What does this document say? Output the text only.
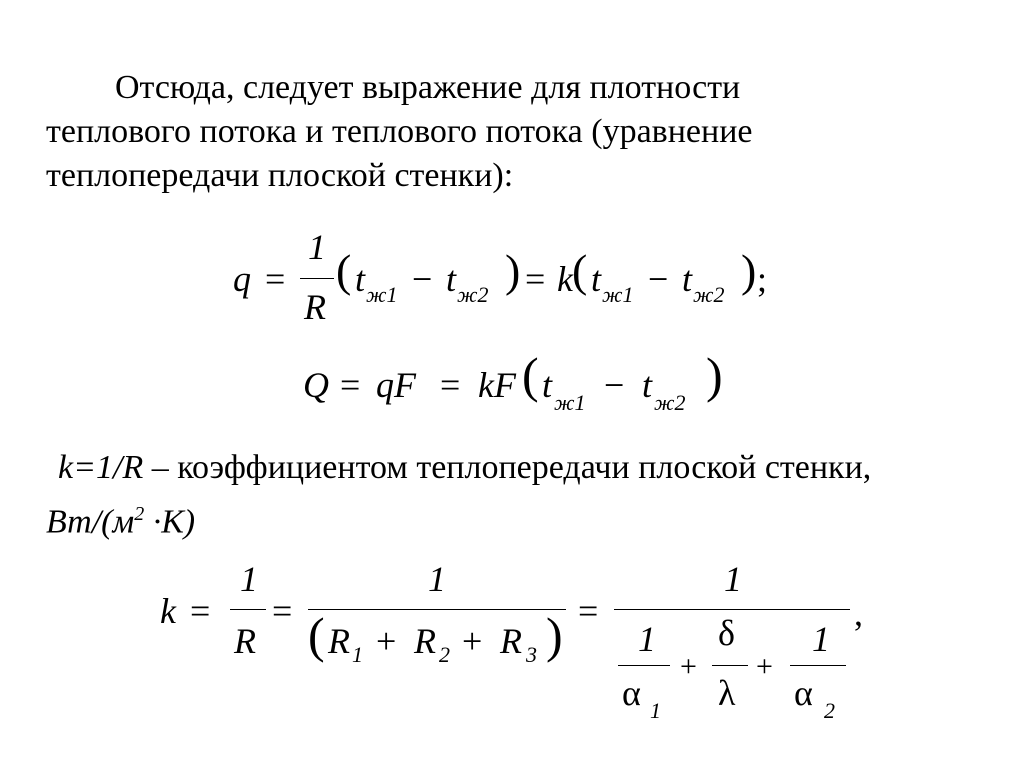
Отсюда, следует выражение для плотности
теплового потока и теплового потока (уравнение
теплопередачи плоской стенки):
q =
1
R
( t ж1 − t ж2 ) = k ( t ж1 − t ж2 ) ;
Q = qF = kF ( t ж1 − t ж2 )
k=1/R – коэффициентом теплопередачи плоской стенки,
$Вт/(м^2 \cdot К)$
k =
1
R
=
1
( R 1 + R 2 + R 3 ) =
1
1
α 1
+
δ
λ
+
1
α 2
,
